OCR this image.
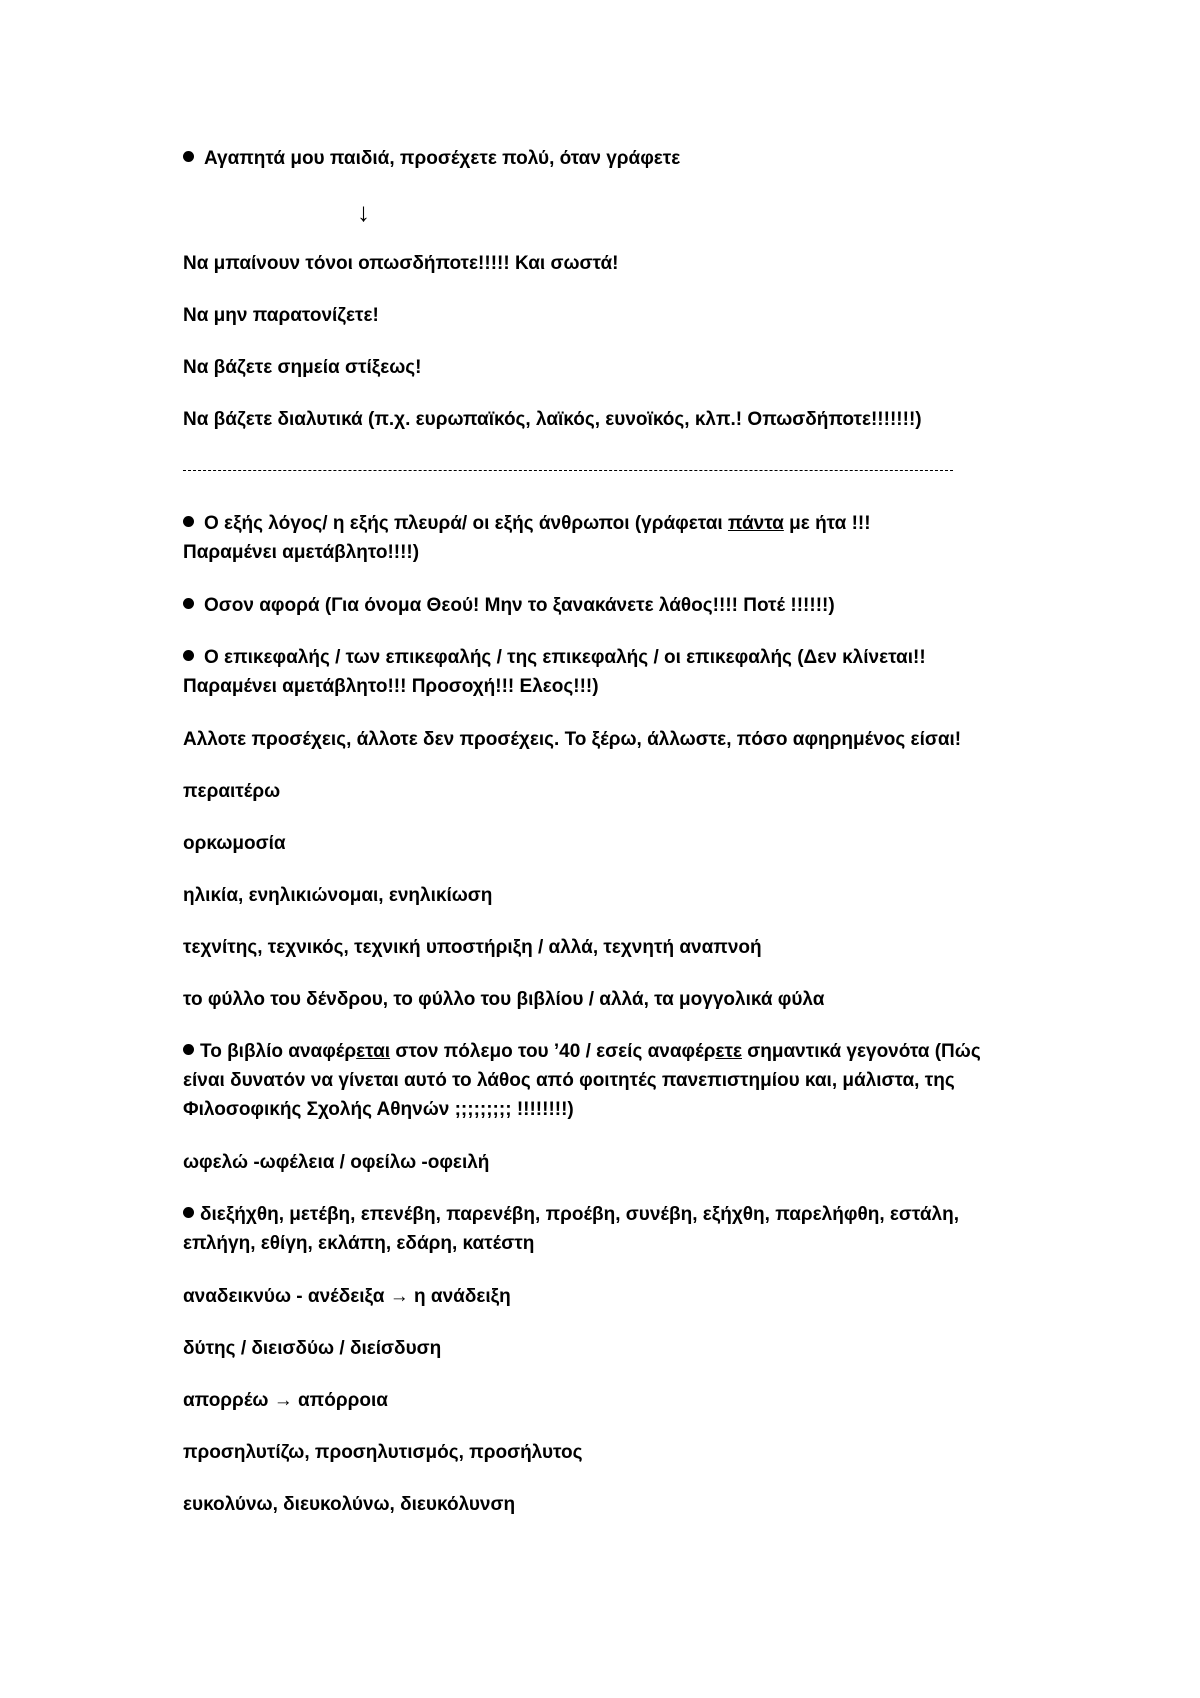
Αγαπητά μου παιδιά, προσέχετε πολύ, όταν γράφετε
↓
Να μπαίνουν τόνοι οπωσδήποτε!!!!! Και σωστά!
Να μην παρατονίζετε!
Να βάζετε σημεία στίξεως!
Να βάζετε διαλυτικά (π.χ. ευρωπαϊκός, λαϊκός, ευνοϊκός, κλπ.! Οπωσδήποτε!!!!!!!)
Ο εξής λόγος/ η εξής πλευρά/ οι εξής άνθρωποι (γράφεται πάντα με ήτα !!!
Παραμένει αμετάβλητο!!!!)
Οσον αφορά (Για όνομα Θεού! Μην το ξανακάνετε λάθος!!!! Ποτέ !!!!!!)
Ο επικεφαλής / των επικεφαλής / της επικεφαλής / οι επικεφαλής (Δεν κλίνεται!!
Παραμένει αμετάβλητο!!! Προσοχή!!! Ελεος!!!)
Αλλοτε προσέχεις, άλλοτε δεν προσέχεις. Το ξέρω, άλλωστε, πόσο αφηρημένος είσαι!
περαιτέρω
ορκωμοσία
ηλικία, ενηλικιώνομαι, ενηλικίωση
τεχνίτης, τεχνικός, τεχνική υποστήριξη / αλλά, τεχνητή αναπνοή
το φύλλο του δένδρου, το φύλλο του βιβλίου / αλλά, τα μογγολικά φύλα
Το βιβλίο αναφέρεται στον πόλεμο του ’40 / εσείς αναφέρετε σημαντικά γεγονότα (Πώς
είναι δυνατόν να γίνεται αυτό το λάθος από φοιτητές πανεπιστημίου και, μάλιστα, της
Φιλοσοφικής Σχολής Αθηνών ;;;;;;;;; !!!!!!!!)
ωφελώ -ωφέλεια / οφείλω -οφειλή
διεξήχθη, μετέβη, επενέβη, παρενέβη, προέβη, συνέβη, εξήχθη, παρελήφθη, εστάλη,
επλήγη, εθίγη, εκλάπη, εδάρη, κατέστη
αναδεικνύω - ανέδειξα → η ανάδειξη
δύτης / διεισδύω / διείσδυση
απορρέω → απόρροια
προσηλυτίζω, προσηλυτισμός, προσήλυτος
ευκολύνω, διευκολύνω, διευκόλυνση
